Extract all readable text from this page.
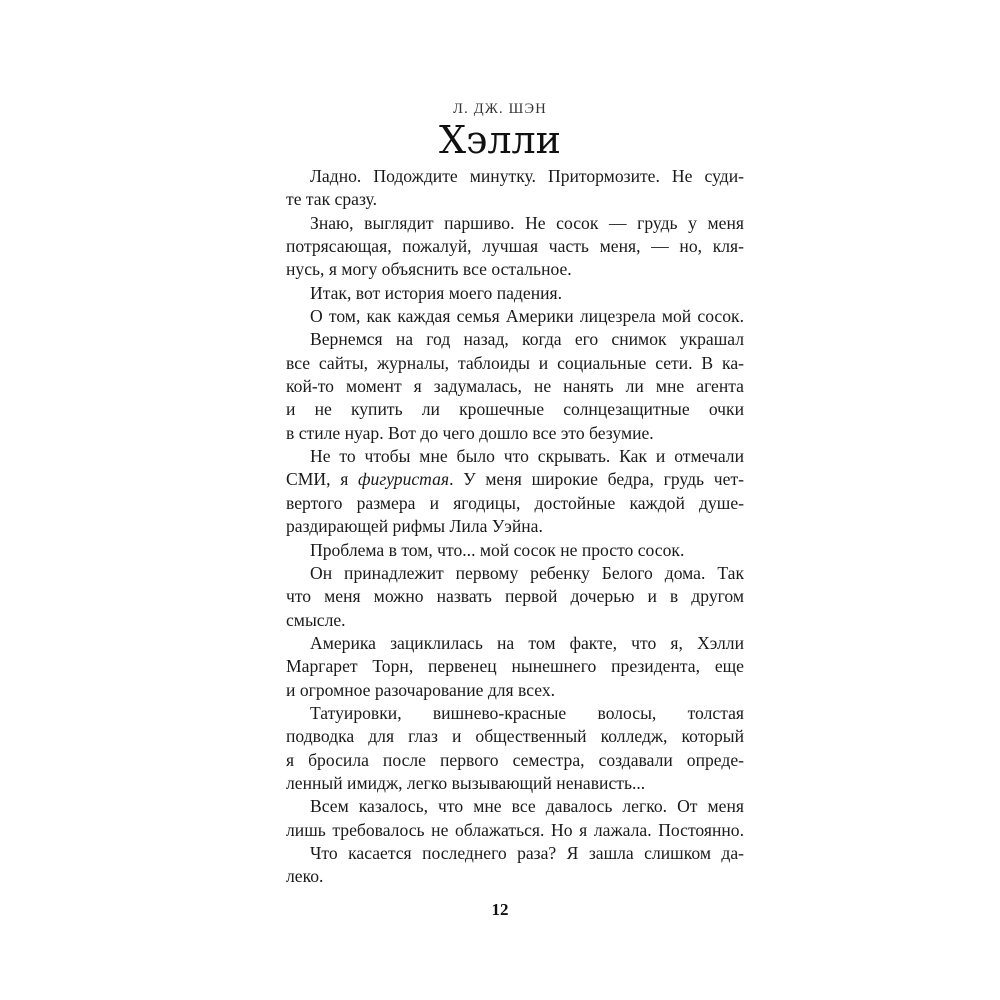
Л. ДЖ. ШЭН
Хэлли
Ладно. Подождите минутку. Притормозите. Не суди-
те так сразу.
Знаю, выглядит паршиво. Не сосок — грудь у меня
потрясающая, пожалуй, лучшая часть меня, — но, кля-
нусь, я могу объяснить все остальное.
Итак, вот история моего падения.
О том, как каждая семья Америки лицезрела мой сосок.
Вернемся на год назад, когда его снимок украшал
все сайты, журналы, таблоиды и социальные сети. В ка-
кой-то момент я задумалась, не нанять ли мне агента
и не купить ли крошечные солнцезащитные очки
в стиле нуар. Вот до чего дошло все это безумие.
Не то чтобы мне было что скрывать. Как и отмечали
СМИ, я фигуристая. У меня широкие бедра, грудь чет-
вертого размера и ягодицы, достойные каждой душе-
раздирающей рифмы Лила Уэйна.
Проблема в том, что... мой сосок не просто сосок.
Он принадлежит первому ребенку Белого дома. Так
что меня можно назвать первой дочерью и в другом
смысле.
Америка зациклилась на том факте, что я, Хэлли
Маргарет Торн, первенец нынешнего президента, еще
и огромное разочарование для всех.
Татуировки, вишнево-красные волосы, толстая
подводка для глаз и общественный колледж, который
я бросила после первого семестра, создавали опреде-
ленный имидж, легко вызывающий ненависть...
Всем казалось, что мне все давалось легко. От меня
лишь требовалось не облажаться. Но я лажала. Постоянно.
Что касается последнего раза? Я зашла слишком да-
леко.
12
